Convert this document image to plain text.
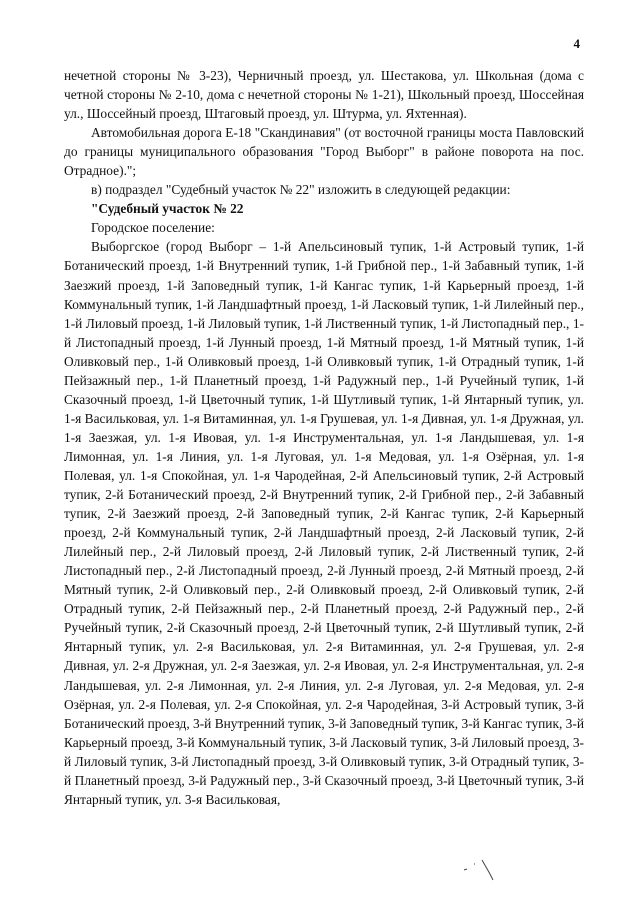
4

нечетной стороны № 3-23), Черничный проезд, ул. Шестакова, ул. Школьная (дома с четной стороны № 2-10, дома с нечетной стороны № 1-21), Школьный проезд, Шоссейная ул., Шоссейный проезд, Штаговый проезд, ул. Штурма, ул. Яхтенная).

Автомобильная дорога Е-18 "Скандинавия" (от восточной границы моста Павловский до границы муниципального образования "Город Выборг" в районе поворота на пос. Отрадное).";

в) подраздел "Судебный участок № 22" изложить в следующей редакции:

"Судебный участок № 22

Городское поселение:

Выборгское (город Выборг – 1-й Апельсиновый тупик, 1-й Астровый тупик, 1-й Ботанический проезд, 1-й Внутренний тупик, 1-й Грибной пер., 1-й Забавный тупик, 1-й Заезжий проезд, 1-й Заповедный тупик, 1-й Кангас тупик, 1-й Карьерный проезд, 1-й Коммунальный тупик, 1-й Ландшафтный проезд, 1-й Ласковый тупик, 1-й Лилейный пер., 1-й Лиловый проезд, 1-й Лиловый тупик, 1-й Лиственный тупик, 1-й Листопадный пер., 1-й Листопадный проезд, 1-й Лунный проезд, 1-й Мятный проезд, 1-й Мятный тупик, 1-й Оливковый пер., 1-й Оливковый проезд, 1-й Оливковый тупик, 1-й Отрадный тупик, 1-й Пейзажный пер., 1-й Планетный проезд, 1-й Радужный пер., 1-й Ручейный тупик, 1-й Сказочный проезд, 1-й Цветочный тупик, 1-й Шутливый тупик, 1-й Янтарный тупик, ул. 1-я Васильковая, ул. 1-я Витаминная, ул. 1-я Грушевая, ул. 1-я Дивная, ул. 1-я Дружная, ул. 1-я Заезжая, ул. 1-я Ивовая, ул. 1-я Инструментальная, ул. 1-я Ландышевая, ул. 1-я Лимонная, ул. 1-я Линия, ул. 1-я Луговая, ул. 1-я Медовая, ул. 1-я Озёрная, ул. 1-я Полевая, ул. 1-я Спокойная, ул. 1-я Чародейная, 2-й Апельсиновый тупик, 2-й Астровый тупик, 2-й Ботанический проезд, 2-й Внутренний тупик, 2-й Грибной пер., 2-й Забавный тупик, 2-й Заезжий проезд, 2-й Заповедный тупик, 2-й Кангас тупик, 2-й Карьерный проезд, 2-й Коммунальный тупик, 2-й Ландшафтный проезд, 2-й Ласковый тупик, 2-й Лилейный пер., 2-й Лиловый проезд, 2-й Лиловый тупик, 2-й Лиственный тупик, 2-й Листопадный пер., 2-й Листопадный проезд, 2-й Лунный проезд, 2-й Мятный проезд, 2-й Мятный тупик, 2-й Оливковый пер., 2-й Оливковый проезд, 2-й Оливковый тупик, 2-й Отрадный тупик, 2-й Пейзажный пер., 2-й Планетный проезд, 2-й Радужный пер., 2-й Ручейный тупик, 2-й Сказочный проезд, 2-й Цветочный тупик, 2-й Шутливый тупик, 2-й Янтарный тупик, ул. 2-я Васильковая, ул. 2-я Витаминная, ул. 2-я Грушевая, ул. 2-я Дивная, ул. 2-я Дружная, ул. 2-я Заезжая, ул. 2-я Ивовая, ул. 2-я Инструментальная, ул. 2-я Ландышевая, ул. 2-я Лимонная, ул. 2-я Линия, ул. 2-я Луговая, ул. 2-я Медовая, ул. 2-я Озёрная, ул. 2-я Полевая, ул. 2-я Спокойная, ул. 2-я Чародейная, 3-й Астровый тупик, 3-й Ботанический проезд, 3-й Внутренний тупик, 3-й Заповедный тупик, 3-й Кангас тупик, 3-й Карьерный проезд, 3-й Коммунальный тупик, 3-й Ласковый тупик, 3-й Лиловый проезд, 3-й Лиловый тупик, 3-й Листопадный проезд, 3-й Оливковый тупик, 3-й Отрадный тупик, 3-й Планетный проезд, 3-й Радужный пер., 3-й Сказочный проезд, 3-й Цветочный тупик, 3-й Янтарный тупик, ул. 3-я Васильковая,
